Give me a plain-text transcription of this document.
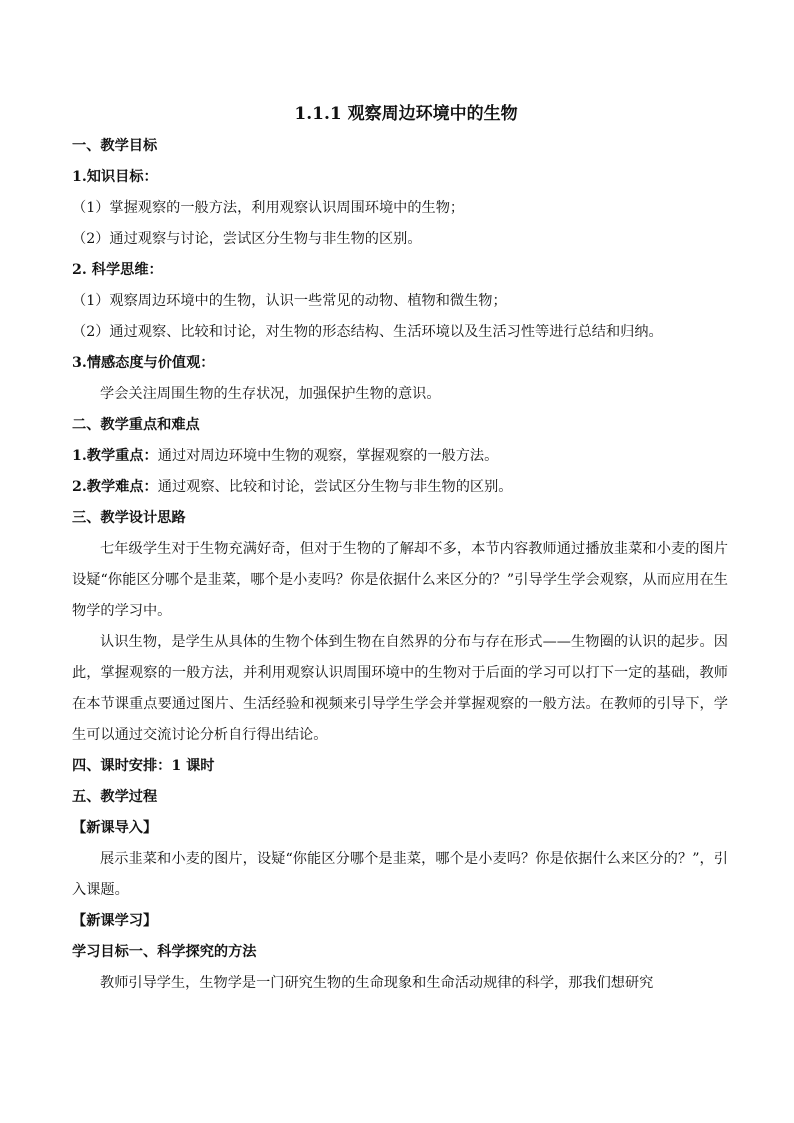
1.1.1 观察周边环境中的生物
一、教学目标
1.知识目标：
（1）掌握观察的一般方法，利用观察认识周围环境中的生物；
（2）通过观察与讨论，尝试区分生物与非生物的区别。
2. 科学思维：
（1）观察周边环境中的生物，认识一些常见的动物、植物和微生物；
（2）通过观察、比较和讨论，对生物的形态结构、生活环境以及生活习性等进行总结和归纳。
3.情感态度与价值观：
学会关注周围生物的生存状况，加强保护生物的意识。
二、教学重点和难点
1.教学重点：通过对周边环境中生物的观察，掌握观察的一般方法。
2.教学难点：通过观察、比较和讨论，尝试区分生物与非生物的区别。
三、教学设计思路

七年级学生对于生物充满好奇，但对于生物的了解却不多，本节内容教师通过播放韭菜和小麦的图片设疑“你能区分哪个是韭菜，哪个是小麦吗？你是依据什么来区分的？”引导学生学会观察，从而应用在生物学的学习中。

认识生物，是学生从具体的生物个体到生物在自然界的分布与存在形式——生物圈的认识的起步。因此，掌握观察的一般方法，并利用观察认识周围环境中的生物对于后面的学习可以打下一定的基础，教师在本节课重点要通过图片、生活经验和视频来引导学生学会并掌握观察的一般方法。在教师的引导下，学生可以通过交流讨论分析自行得出结论。

四、课时安排：1 课时
五、教学过程
【新课导入】

展示韭菜和小麦的图片，设疑“你能区分哪个是韭菜，哪个是小麦吗？你是依据什么来区分的？”，引入课题。

【新课学习】
学习目标一、科学探究的方法

教师引导学生，生物学是一门研究生物的生命现象和生命活动规律的科学，那我们想研究
